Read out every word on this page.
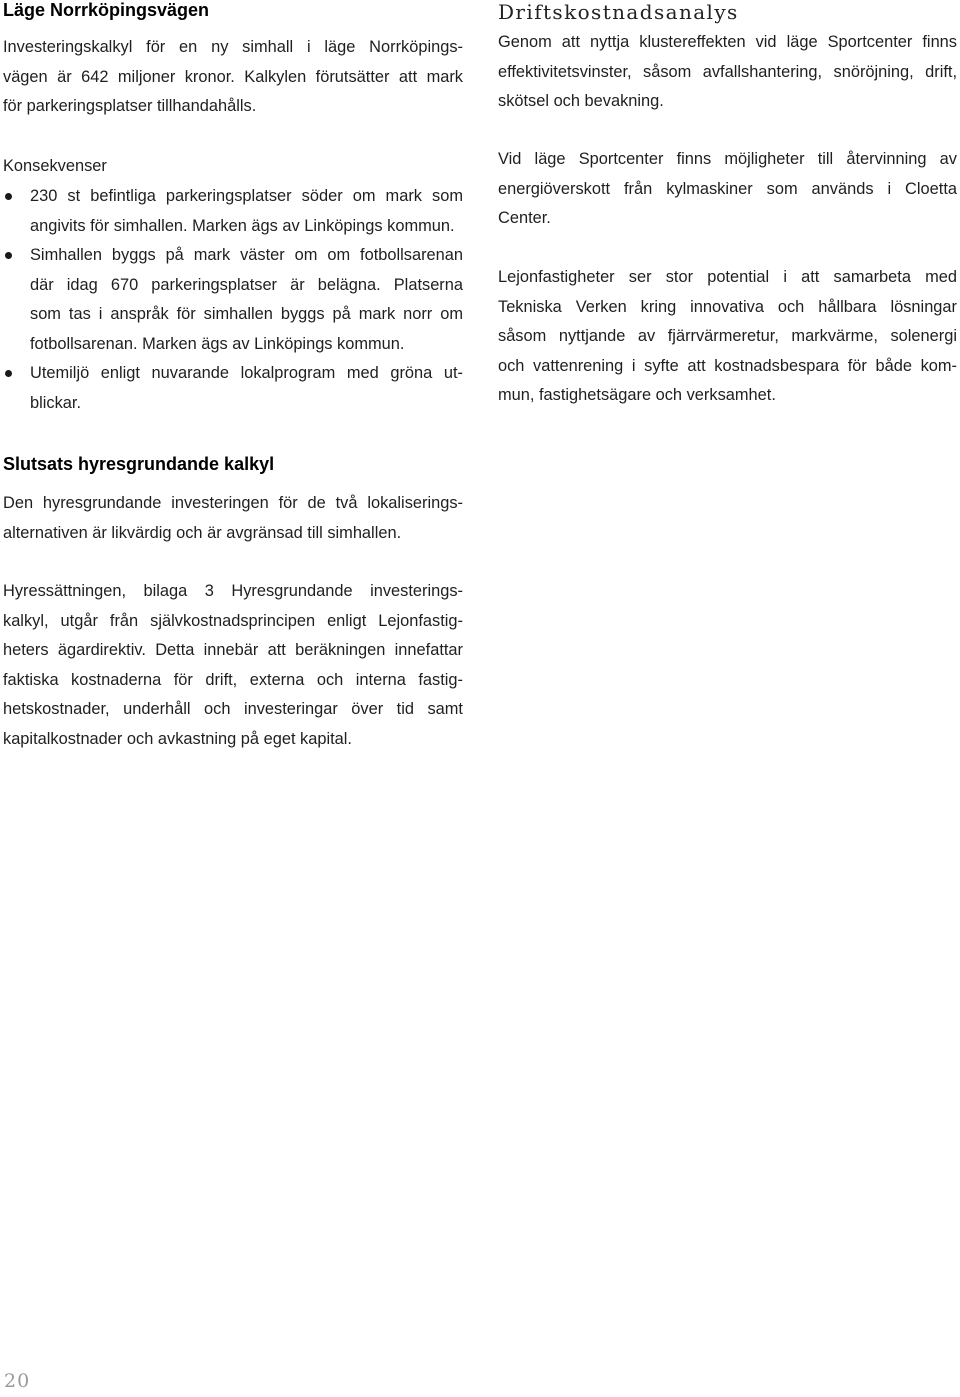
Läge Norrköpingsvägen

Investeringskalkyl för en ny simhall i läge Norrköpings-
vägen är 642 miljoner kronor. Kalkylen förutsätter att mark
för parkeringsplatser tillhandahålls.

Konsekvenser

230 st befintliga parkeringsplatser söder om mark som
angivits för simhallen. Marken ägs av Linköpings kommun.
Simhallen byggs på mark väster om om fotbollsarenan
där idag 670 parkeringsplatser är belägna. Platserna
som tas i anspråk för simhallen byggs på mark norr om
fotbollsarenan. Marken ägs av Linköpings kommun.
Utemiljö enligt nuvarande lokalprogram med gröna ut-
blickar.
Driftskostnadsanalys

Genom att nyttja klustereffekten vid läge Sportcenter finns
effektivitetsvinster, såsom avfallshantering, snöröjning, drift,
skötsel och bevakning.

Vid läge Sportcenter finns möjligheter till återvinning av
energiöverskott från kylmaskiner som används i Cloetta
Center.

Lejonfastigheter ser stor potential i att samarbeta med
Tekniska Verken kring innovativa och hållbara lösningar
såsom nyttjande av fjärrvärmeretur, markvärme, solenergi
och vattenrening i syfte att kostnadsbespara för både kom-
mun, fastighetsägare och verksamhet.

Slutsats hyresgrundande kalkyl

Den hyresgrundande investeringen för de två lokaliserings-
alternativen är likvärdig och är avgränsad till simhallen.

Hyressättningen, bilaga 3 Hyresgrundande investerings-
kalkyl, utgår från självkostnadsprincipen enligt Lejonfastig-
heters ägardirektiv. Detta innebär att beräkningen innefattar
faktiska kostnaderna för drift, externa och interna fastig-
hetskostnader, underhåll och investeringar över tid samt
kapitalkostnader och avkastning på eget kapital.

20
